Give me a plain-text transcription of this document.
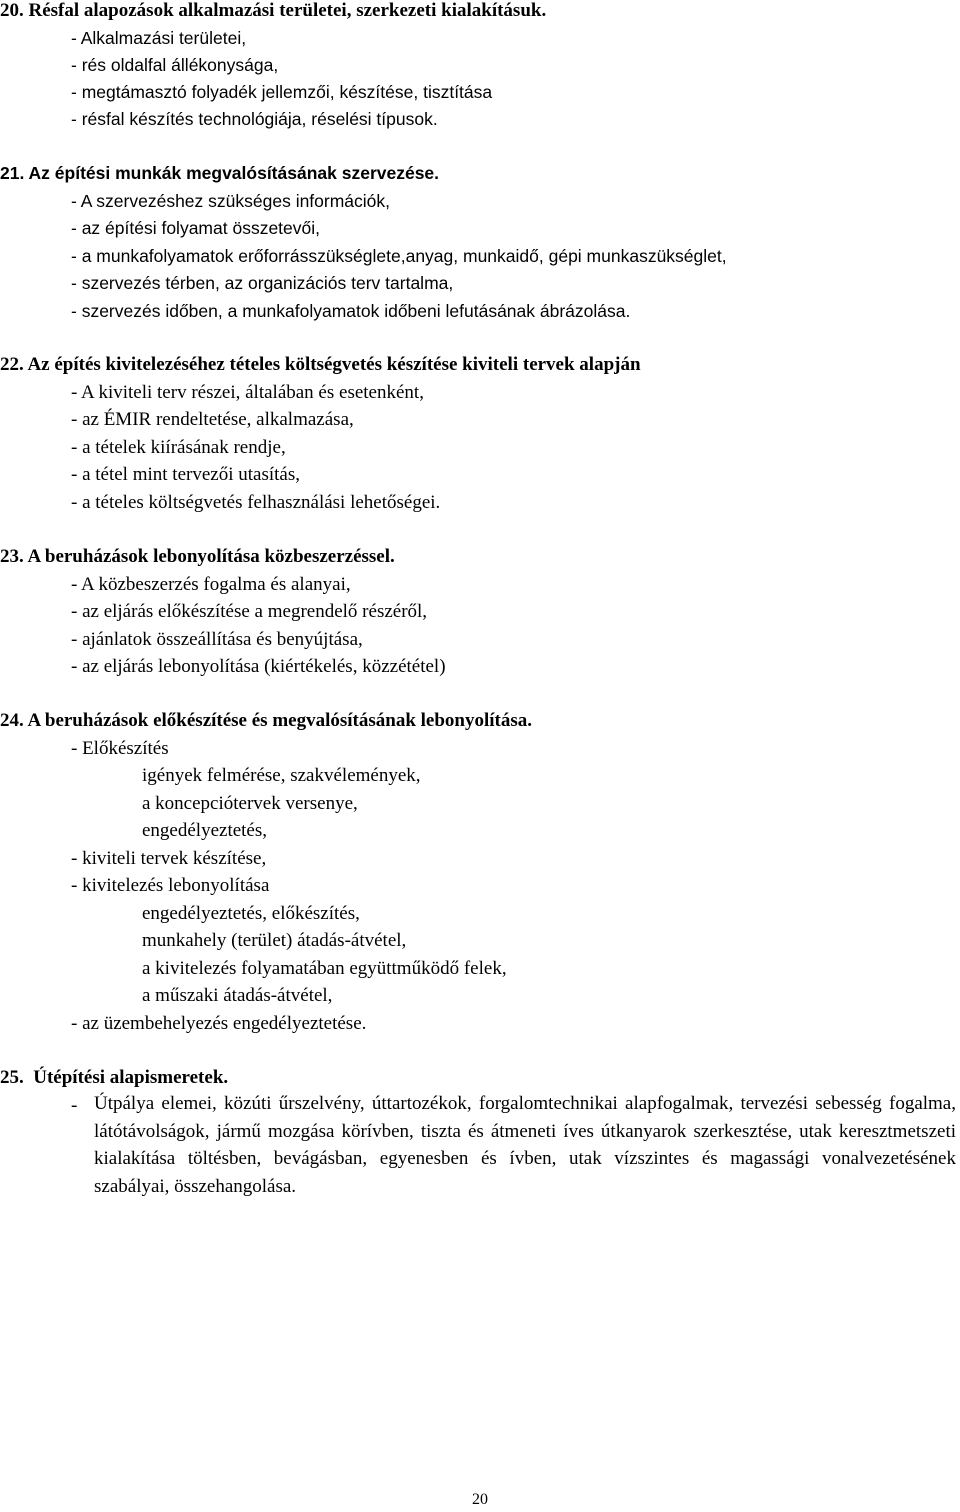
20. Résfal alapozások alkalmazási területei, szerkezeti kialakításuk.
- Alkalmazási területei,
- rés oldalfal állékonysága,
- megtámasztó folyadék jellemzői, készítése, tisztítása
- résfal készítés technológiája, réselési típusok.
21. Az építési munkák megvalósításának szervezése.
- A szervezéshez szükséges információk,
- az építési folyamat összetevői,
- a munkafolyamatok erőforrásszükséglete,anyag, munkaidő, gépi munkaszükséglet,
- szervezés térben, az organizációs terv tartalma,
- szervezés időben, a munkafolyamatok időbeni lefutásának ábrázolása.
22. Az építés kivitelezéséhez tételes költségvetés készítése kiviteli tervek alapján
- A kiviteli terv részei, általában és esetenként,
- az ÉMIR rendeltetése, alkalmazása,
- a tételek kiírásának rendje,
- a tétel mint tervezői utasítás,
- a tételes költségvetés felhasználási lehetőségei.
23. A beruházások lebonyolítása közbeszerzéssel.
- A közbeszerzés fogalma és alanyai,
- az eljárás előkészítése a megrendelő részéről,
- ajánlatok összeállítása és benyújtása,
- az eljárás lebonyolítása (kiértékelés, közzététel)
24. A beruházások előkészítése és megvalósításának lebonyolítása.
- Előkészítés
igények felmérése, szakvélemények,
a koncepciótervek versenye,
engedélyeztetés,
- kiviteli tervek készítése,
- kivitelezés lebonyolítása
engedélyeztetés, előkészítés,
munkahely (terület) átadás-átvétel,
a kivitelezés folyamatában együttműködő felek,
a műszaki átadás-átvétel,
- az üzembehelyezés engedélyeztetése.
25.  Útépítési alapismeretek.
- Útpálya elemei, közúti űrszelvény, úttartozékok, forgalomtechnikai alapfogalmak, tervezési sebesség fogalma, látótávolságok, jármű mozgása körívben, tiszta és átmeneti íves útkanyarok szerkesztése, utak keresztmetszeti kialakítása töltésben, bevágásban, egyenesben és ívben, utak vízszintes és magassági vonalvezetésének szabályai, összehangolása.
20
